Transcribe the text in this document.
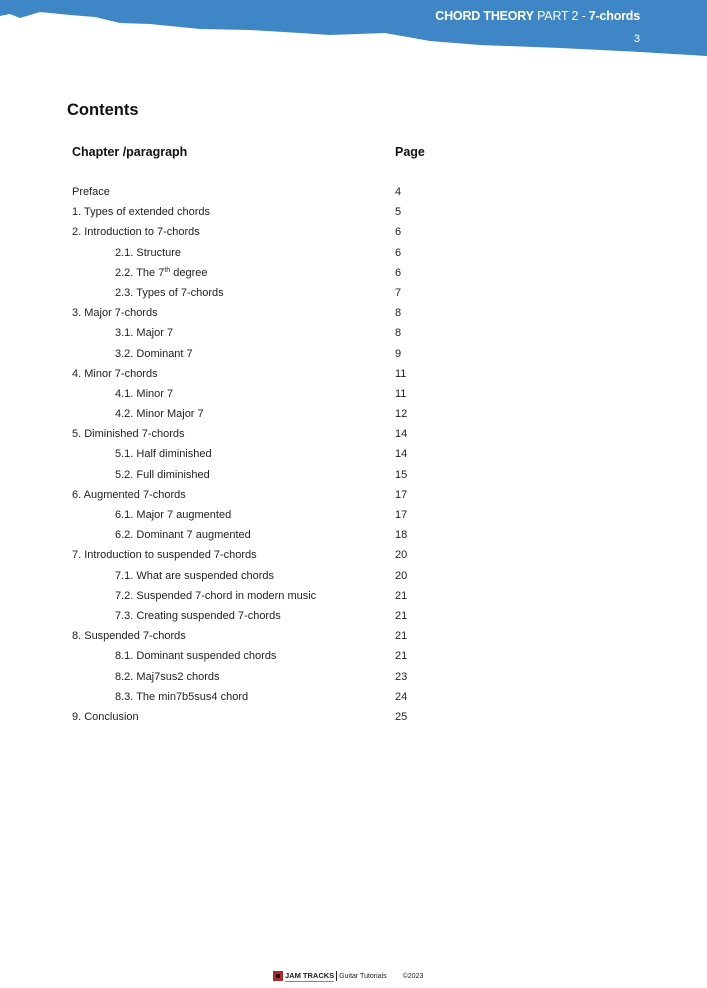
CHORD THEORY PART 2 - 7-chords
3
Contents
Chapter /paragraph	Page
Preface	4
1. Types of extended chords	5
2. Introduction to 7-chords	6
2.1. Structure	6
2.2. The 7th degree	6
2.3. Types of 7-chords	7
3. Major 7-chords	8
3.1. Major 7	8
3.2. Dominant 7	9
4. Minor 7-chords	11
4.1. Minor 7	11
4.2. Minor Major 7	12
5. Diminished 7-chords	14
5.1. Half diminished	14
5.2. Full diminished	15
6. Augmented 7-chords	17
6.1. Major 7 augmented	17
6.2. Dominant 7 augmented	18
7. Introduction to suspended 7-chords	20
7.1. What are suspended chords	20
7.2. Suspended 7-chord in modern music	21
7.3. Creating suspended 7-chords	21
8. Suspended 7-chords	21
8.1. Dominant suspended chords	21
8.2. Maj7sus2 chords	23
8.3. The min7b5sus4 chord	24
9. Conclusion	25
JAM TRACKS Guitar Tutorials ©2023
